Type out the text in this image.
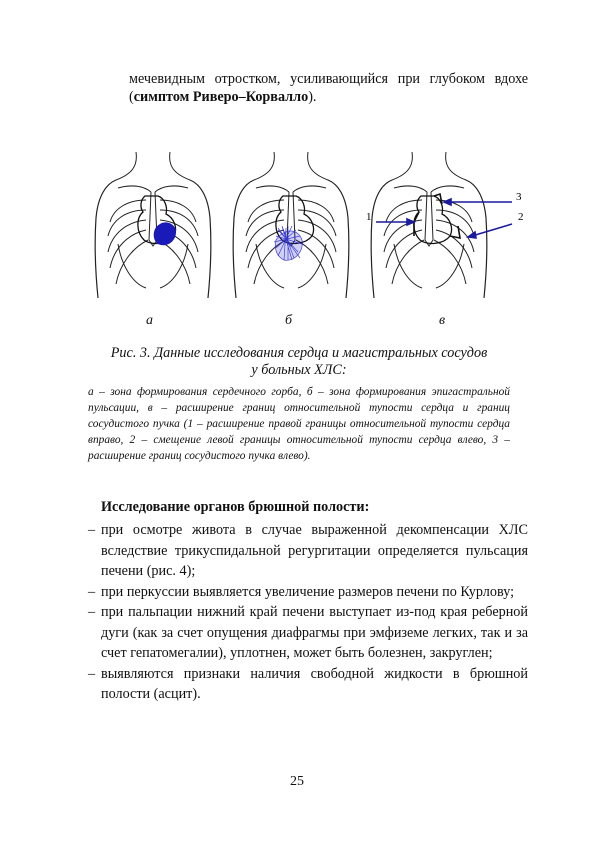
мечевидным отростком, усиливающийся при глубоком вдохе (симптом Риверо–Корвалло).
1
3
2
а	б	в
Рис. 3. Данные исследования сердца и магистральных сосудов
у больных ХЛС:
а – зона формирования сердечного горба, б – зона формирования эпигастральной пульсации, в – расширение границ относительной тупости сердца и границ сосудистого пучка (1 – расширение правой границы относительной тупости сердца вправо, 2 – смещение левой границы относительной тупости сердца влево, 3 – расширение границ сосудистого пучка влево).
Исследование органов брюшной полости:
– при осмотре живота в случае выраженной декомпенсации ХЛС вследствие трикуспидальной регургитации определяется пульсация печени (рис. 4);
– при перкуссии выявляется увеличение размеров печени по Курлову;
– при пальпации нижний край печени выступает из-под края реберной дуги (как за счет опущения диафрагмы при эмфиземе легких, так и за счет гепатомегалии), уплотнен, может быть болезнен, закруглен;
– выявляются признаки наличия свободной жидкости в брюшной полости (асцит).
25
